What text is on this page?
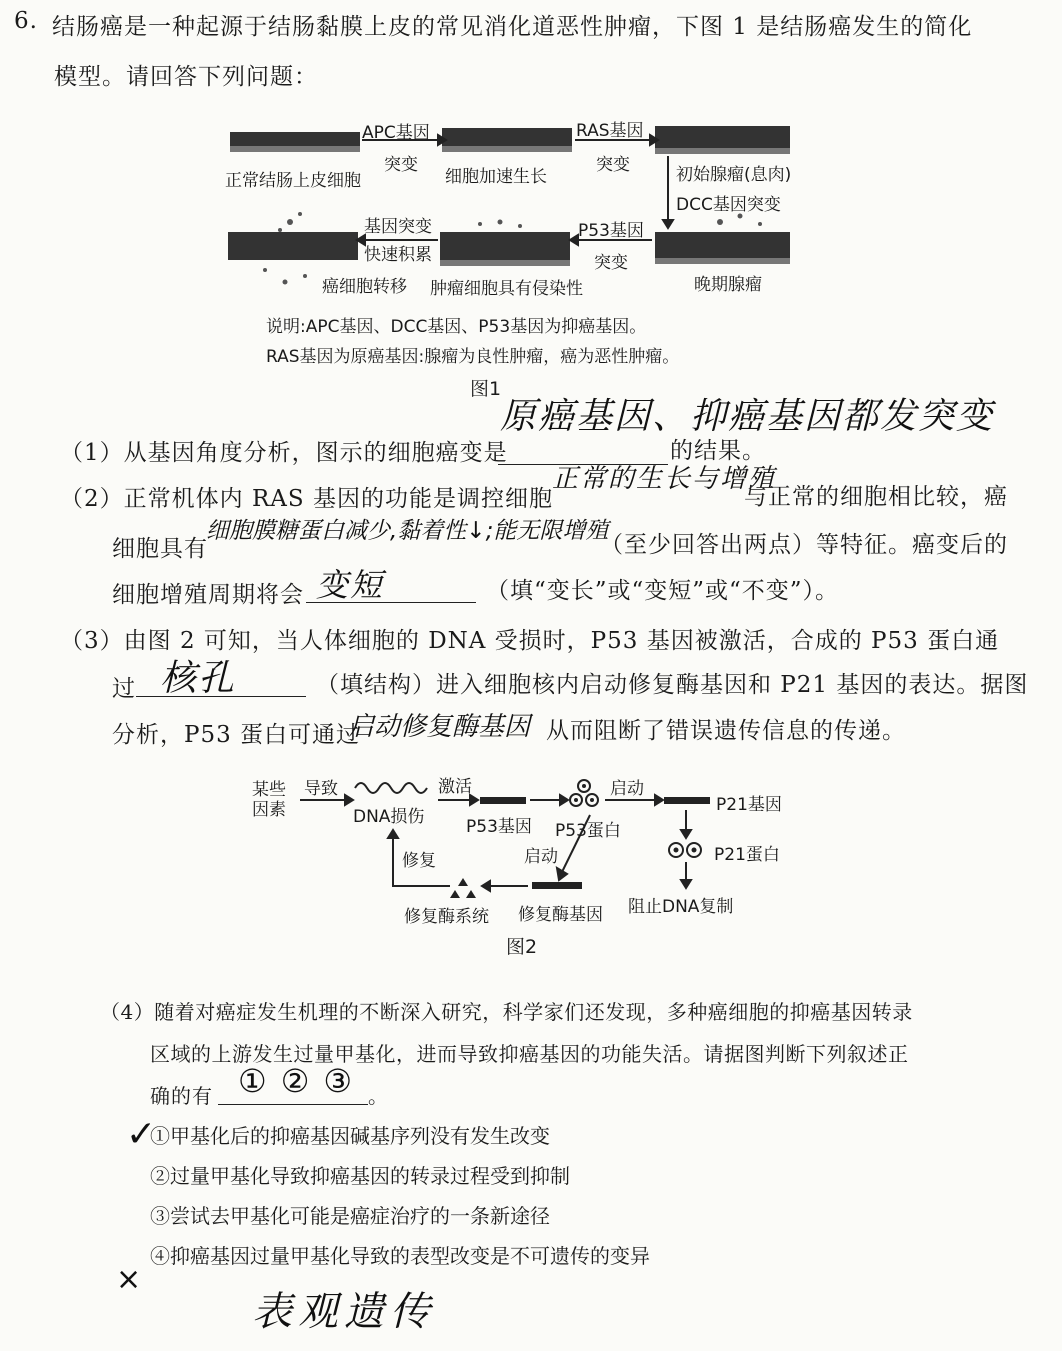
6. 结肠癌是一种起源于结肠黏膜上皮的常见消化道恶性肿瘤，下图 1 是结肠癌发生的简化
模型。请回答下列问题：
正常结肠上皮细胞
APC基因
突变
细胞加速生长
RAS基因
突变	初始腺瘤(息肉)
DCC基因突变
晚期腺瘤
P53基因
突变
肿瘤细胞具有侵染性
基因突变
快速积累
癌细胞转移
说明:APC基因、DCC基因、P53基因为抑癌基因。
RAS基因为原癌基因:腺瘤为良性肿瘤，癌为恶性肿瘤。
图1
（1）从基因角度分析，图示的细胞癌变是
原癌基因、抑癌基因都发突变
的结果。
（2）正常机体内 RAS 基因的功能是调控细胞
正常的生长与增殖
与正常的细胞相比较，癌
细胞具有
细胞膜糖蛋白减少,黏着性↓;能无限增殖
（至少回答出两点）等特征。癌变后的
细胞增殖周期将会 变短	（填“变长”或“变短”或“不变”）。
（3）由图 2 可知，当人体细胞的 DNA 受损时，P53 基因被激活，合成的 P53 蛋白通
过 核孔	（填结构）进入细胞核内启动修复酶基因和 P21 基因的表达。据图
分析，P53 蛋白可通过
启动修复酶基因 从而阻断了错误遗传信息的传递。
某些因素
导致
DNA损伤
激活
P53基因 P53蛋白
启动
P21基因
P21蛋白
阻止DNA复制
启动
修复酶基因
修复酶系统
修复
图2
（4）随着对癌症发生机理的不断深入研究，科学家们还发现，多种癌细胞的抑癌基因转录
区域的上游发生过量甲基化，进而导致抑癌基因的功能失活。请据图判断下列叙述正
确的有 ①②③ 。
①甲基化后的抑癌基因碱基序列没有发生改变
②过量甲基化导致抑癌基因的转录过程受到抑制
③尝试去甲基化可能是癌症治疗的一条新途径
④抑癌基因过量甲基化导致的表型改变是不可遗传的变异
✓
×
表观遗传
